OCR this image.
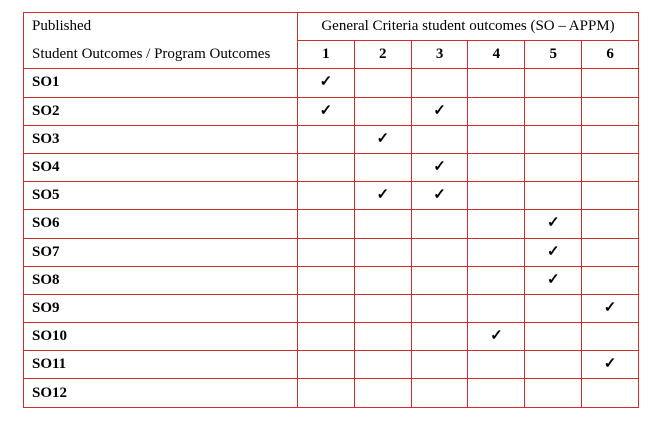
Published	General Criteria student outcomes (SO – APPM)					
Student Outcomes / Program Outcomes	1	2	3	4	5	6
SO1	✓					
SO2	✓		✓			
SO3		✓				
SO4			✓			
SO5		✓	✓			
SO6					✓	
SO7					✓	
SO8					✓	
SO9						✓
SO10				✓		
SO11						✓
SO12						
